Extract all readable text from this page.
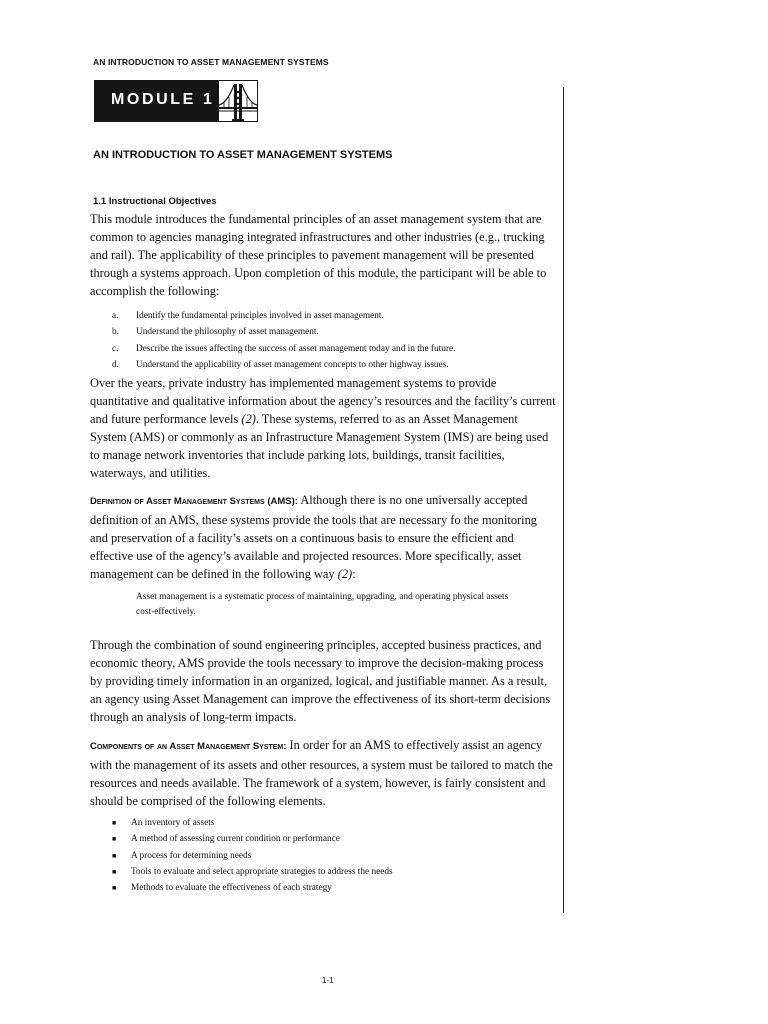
AN INTRODUCTION TO ASSET MANAGEMENT SYSTEMS
MODULE 1
AN INTRODUCTION TO ASSET MANAGEMENT SYSTEMS
1.1 Instructional Objectives

This module introduces the fundamental principles of an asset management system that are common to agencies managing integrated infrastructures and other industries (e.g., trucking and rail). The applicability of these principles to pavement management will be presented through a systems approach. Upon completion of this module, the participant will be able to accomplish the following:

a.	Identify the fundamental principles involved in asset management.
b.	Understand the philosophy of asset management.
c.	Describe the issues affecting the success of asset management today and in the future.
d.	Understand the applicability of asset management concepts to other highway issues.

Over the years, private industry has implemented management systems to provide quantitative and qualitative information about the agency’s resources and the facility’s current and future performance levels (2). These systems, referred to as an Asset Management System (AMS) or commonly as an Infrastructure Management System (IMS) are being used to manage network inventories that include parking lots, buildings, transit facilities, waterways, and utilities.

Definition of Asset Management Systems (AMS): Although there is no one universally accepted definition of an AMS, these systems provide the tools that are necessary fo the monitoring and preservation of a facility’s assets on a continuous basis to ensure the efficient and effective use of the agency’s available and projected resources. More specifically, asset management can be defined in the following way (2):

Asset management is a systematic process of maintaining, upgrading, and operating physical assets cost-effectively.

Through the combination of sound engineering principles, accepted business practices, and economic theory, AMS provide the tools necessary to improve the decision-making process by providing timely information in an organized, logical, and justifiable manner. As a result, an agency using Asset Management can improve the effectiveness of its short-term decisions through an analysis of long-term impacts.

Components of an Asset Management System: In order for an AMS to effectively assist an agency with the management of its assets and other resources, a system must be tailored to match the resources and needs available. The framework of a system, however, is fairly consistent and should be comprised of the following elements.

■	An inventory of assets
■	A method of assessing current condition or performance
■	A process for determining needs
■	Tools to evaluate and select appropriate strategies to address the needs
■	Methods to evaluate the effectiveness of each strategy
1-1
